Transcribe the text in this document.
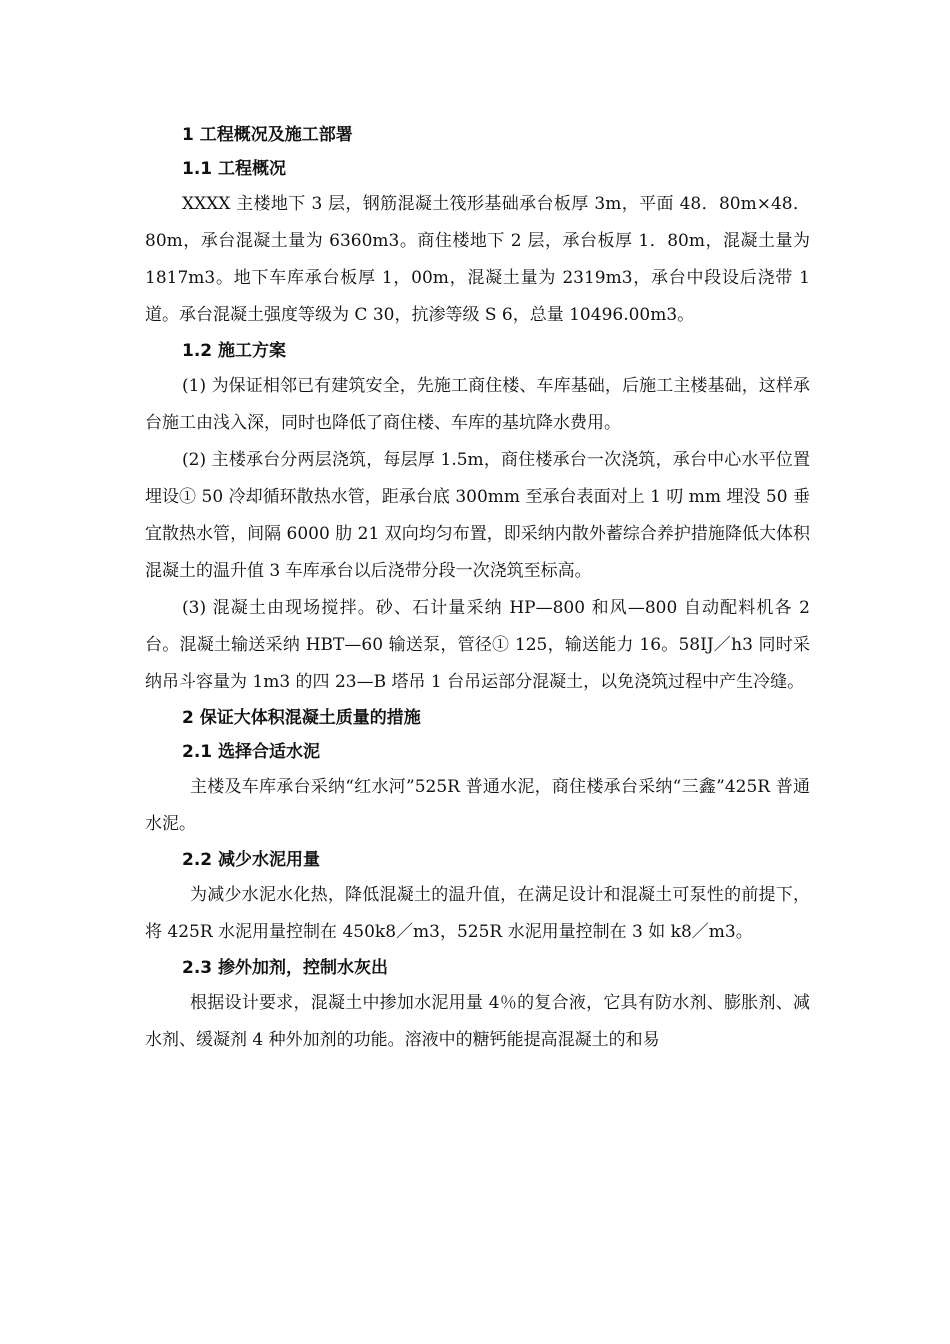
1 工程概况及施工部署

1.1 工程概况

XXXX 主楼地下 3 层，钢筋混凝土筏形基础承台板厚 3m，平面 48．80m×48．80m，承台混凝土量为 6360m3。商住楼地下 2 层，承台板厚 1．80m，混凝土量为 1817m3。地下车库承台板厚 1，00m，混凝土量为 2319m3，承台中段设后浇带 1 道。承台混凝土强度等级为 C 30，抗渗等级 S 6，总量 10496.00m3。

1.2 施工方案

(1) 为保证相邻已有建筑安全，先施工商住楼、车库基础，后施工主楼基础，这样承台施工由浅入深，同时也降低了商住楼、车库的基坑降水费用。

(2) 主楼承台分两层浇筑，每层厚 1.5m，商住楼承台一次浇筑，承台中心水平位置埋设① 50 冷却循环散热水管，距承台底 300mm 至承台表面对上 1 叨 mm 埋没 50 垂宜散热水管，间隔 6000 肋 21 双向均匀布置，即采纳内散外蓄综合养护措施降低大体积混凝土的温升值 3 车库承台以后浇带分段一次浇筑至标高。

(3) 混凝土由现场搅拌。砂、石计量采纳 HP—800 和风—800 自动配料机各 2 台。混凝土输送采纳 HBT—60 输送泵，管径① 125，输送能力 16。58IJ／h3 同时采纳吊斗容量为 1m3 的四 23—B 塔吊 1 台吊运部分混凝土，以免浇筑过程中产生冷缝。

2 保证大体积混凝土质量的措施

2.1 选择合适水泥

主楼及车库承台采纳“红水河”525R 普通水泥，商住楼承台采纳“三鑫”425R 普通水泥。

2.2 减少水泥用量

为减少水泥水化热，降低混凝土的温升值，在满足设计和混凝土可泵性的前提下，将 425R 水泥用量控制在 450k8／m3，525R 水泥用量控制在 3 如 k8／m3。

2.3 掺外加剂，控制水灰出

根据设计要求，混凝土中掺加水泥用量 4％的复合液，它具有防水剂、膨胀剂、减水剂、缓凝剂 4 种外加剂的功能。溶液中的糖钙能提高混凝土的和易
